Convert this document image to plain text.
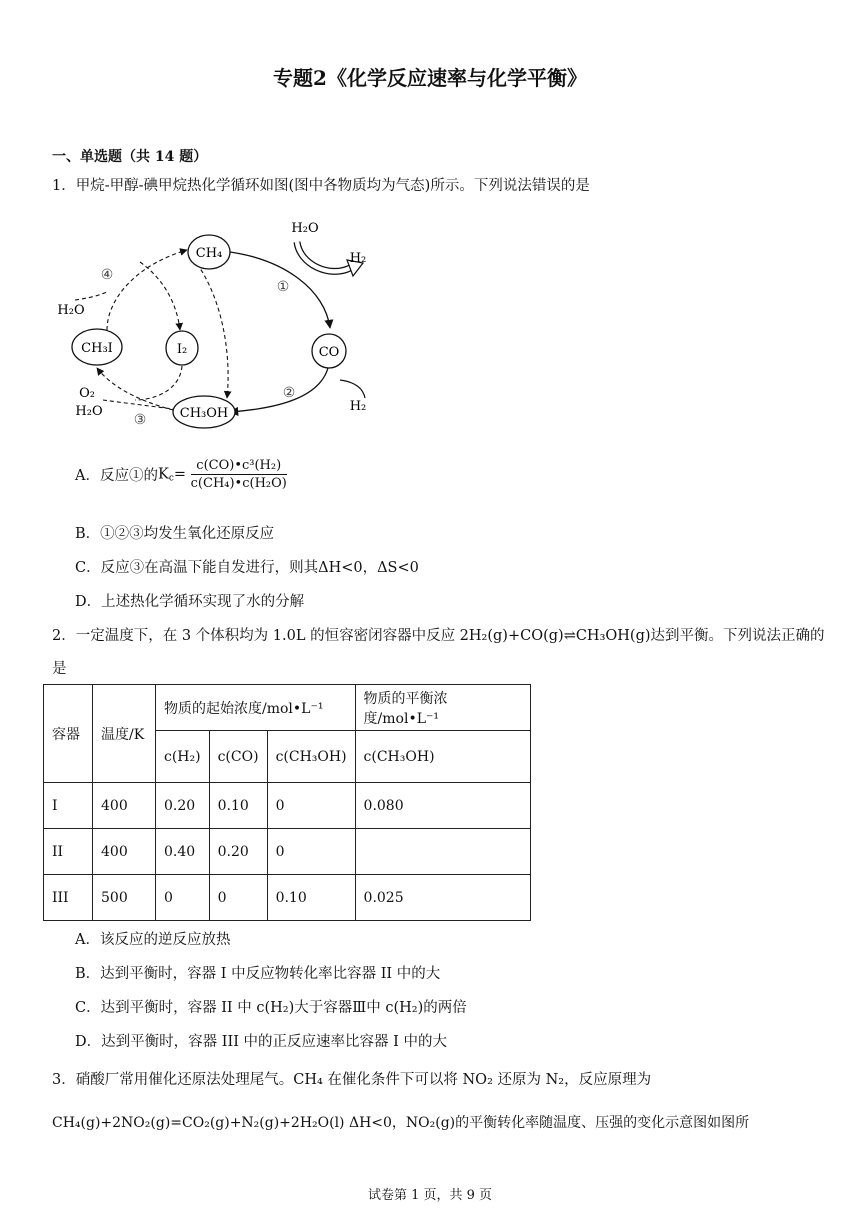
专题2《化学反应速率与化学平衡》
一、单选题（共 14 题）
1．甲烷-甲醇-碘甲烷热化学循环如图(图中各物质均为气态)所示。下列说法错误的是
CH₄
CO
CH₃OH
CH₃I	I₂
H₂O
H₂
①
②
③
④
H₂O
H₂
O₂
H₂O
A．反应①的$K_c= \frac{\text{c(CO)•c³(H₂)}}{\text{c(CH₄)•c(H₂O)}}$
B．①②③均发生氧化还原反应
C．反应③在高温下能自发进行，则其ΔH<0，ΔS<0
D．上述热化学循环实现了水的分解
2．一定温度下，在 3 个体积均为 1.0L 的恒容密闭容器中反应 2H₂(g)+CO(g)⇌CH₃OH(g)达到平衡。下列说法正确的
是
容器	温度/K	物质的起始浓度/mol•L⁻¹			物质的平衡浓度/mol•L⁻¹
		c(H₂)	c(CO)	c(CH₃OH)	c(CH₃OH)
I	400	0.20	0.10	0	0.080
II	400	0.40	0.20	0	
III	500	0	0	0.10	0.025
A．该反应的逆反应放热
B．达到平衡时，容器 I 中反应物转化率比容器 II 中的大
C．达到平衡时，容器 II 中 c(H₂)大于容器Ⅲ中 c(H₂)的两倍
D．达到平衡时，容器 III 中的正反应速率比容器 I 中的大
3．硝酸厂常用催化还原法处理尾气。CH₄ 在催化条件下可以将 NO₂ 还原为 N₂，反应原理为
CH₄(g)+2NO₂(g)=CO₂(g)+N₂(g)+2H₂O(l) ΔH<0，NO₂(g)的平衡转化率随温度、压强的变化示意图如图所
试卷第 1 页，共 9 页
